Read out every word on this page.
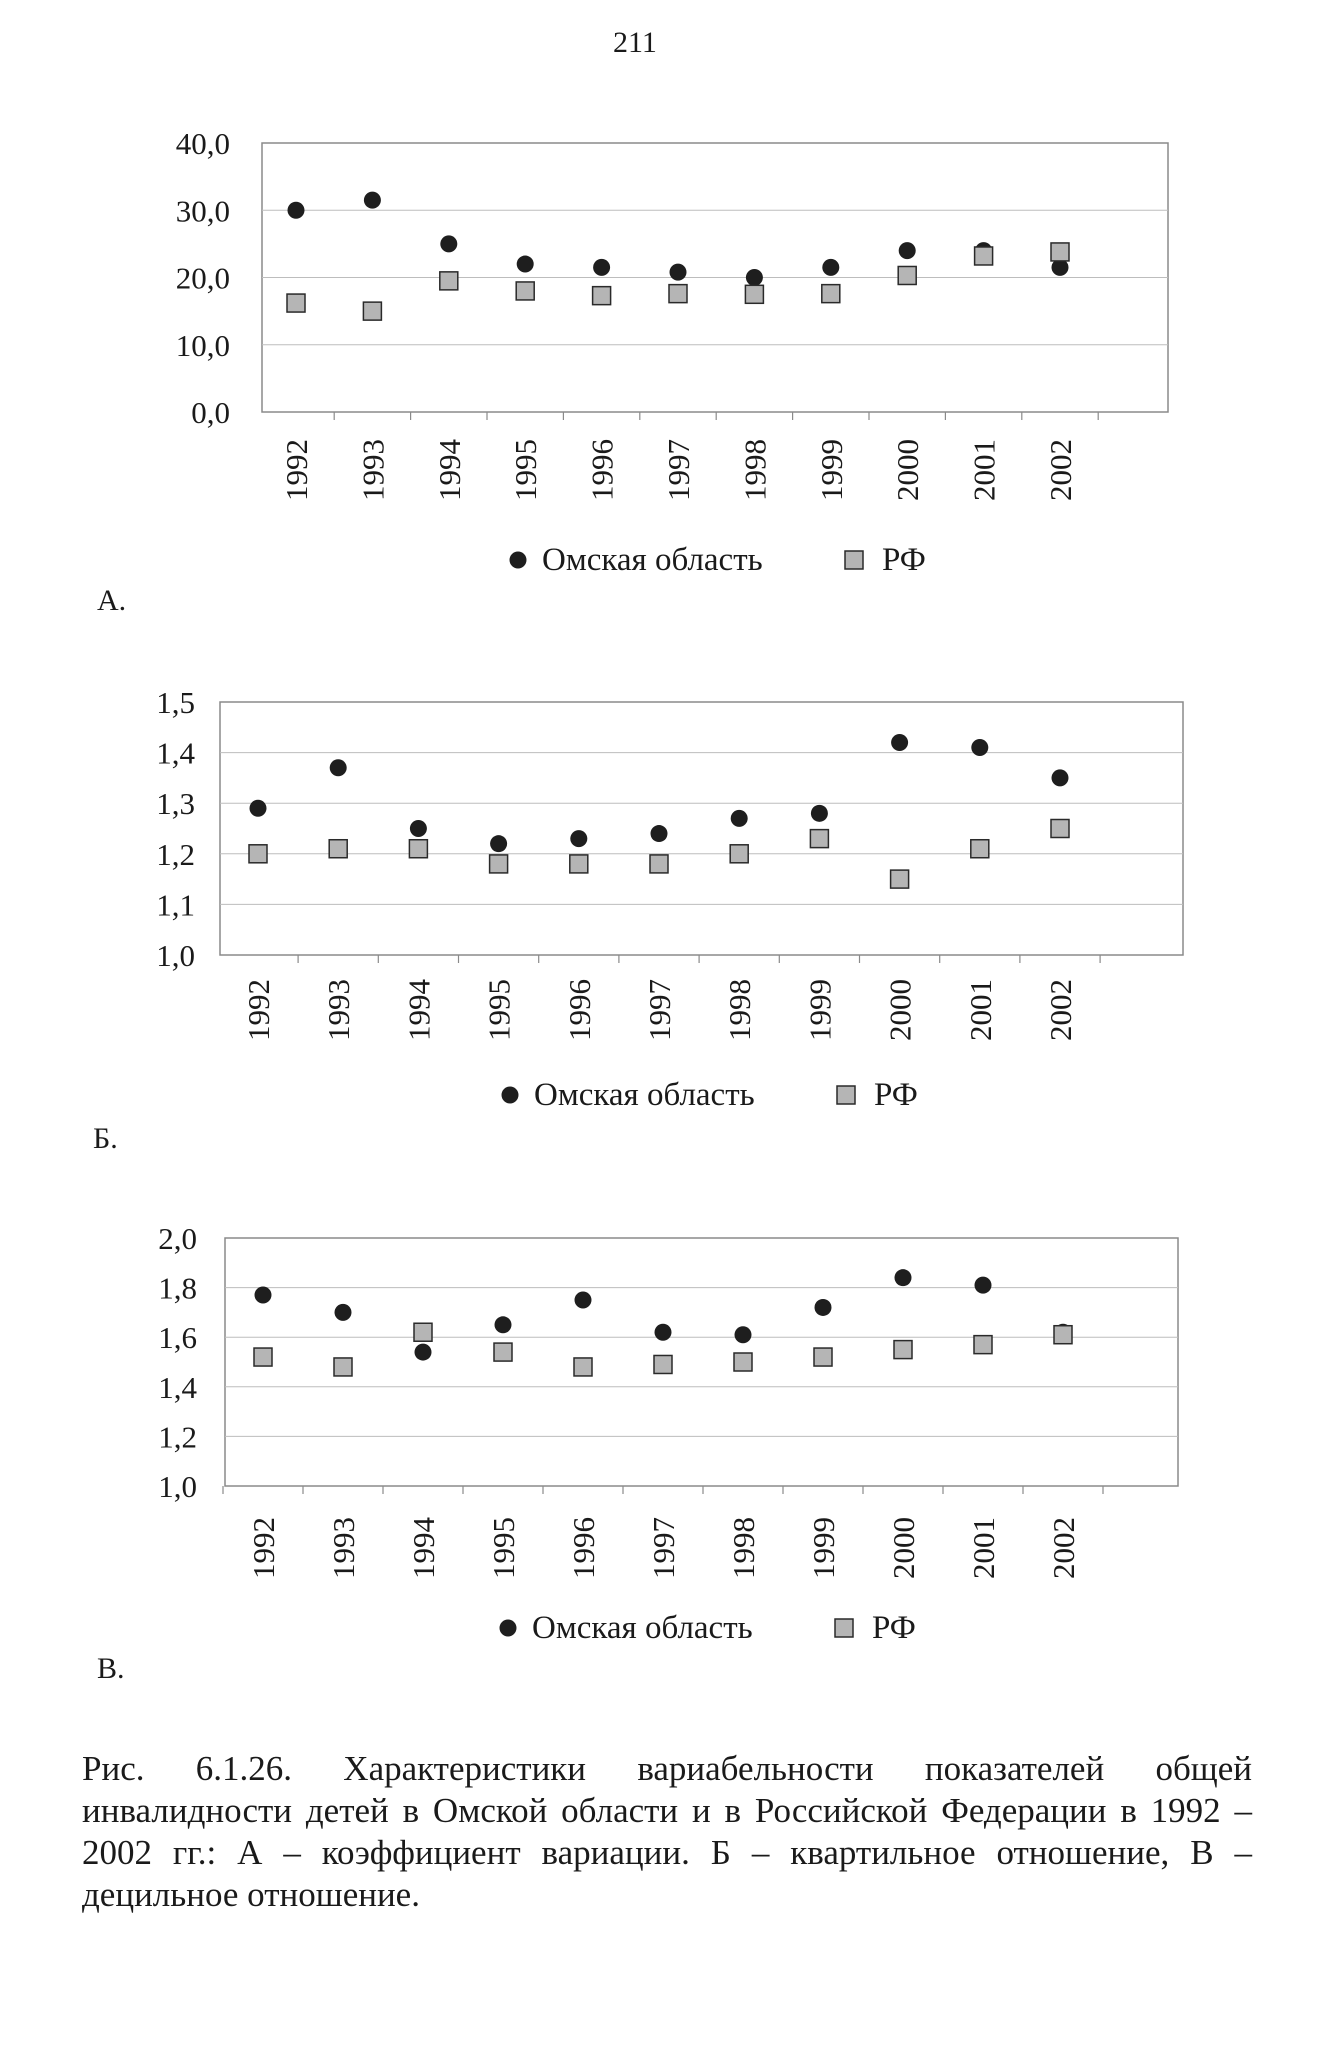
211
0,0
10,0
20,0
30,0
40,0
1992 1993 1994 1995 1996 1997 1998 1999 2000 2001 2002
Омская область	РФ
А.
1,0
1,1
1,2
1,3
1,4
1,5
1992 1993 1994 1995 1996 1997 1998 1999 2000 2001 2002
Омская область	РФ
Б.
1,0
1,2
1,4
1,6
1,8
2,0
1992 1993 1994 1995 1996 1997 1998 1999 2000 2001 2002
Омская область	РФ
В.
Рис. 6.1.26. Характеристики вариабельности показателей общей инвалидности детей в Омской области и в Российской Федерации в 1992 – 2002 гг.: А – коэффициент вариации. Б – квартильное отношение, В – децильное отношение.
